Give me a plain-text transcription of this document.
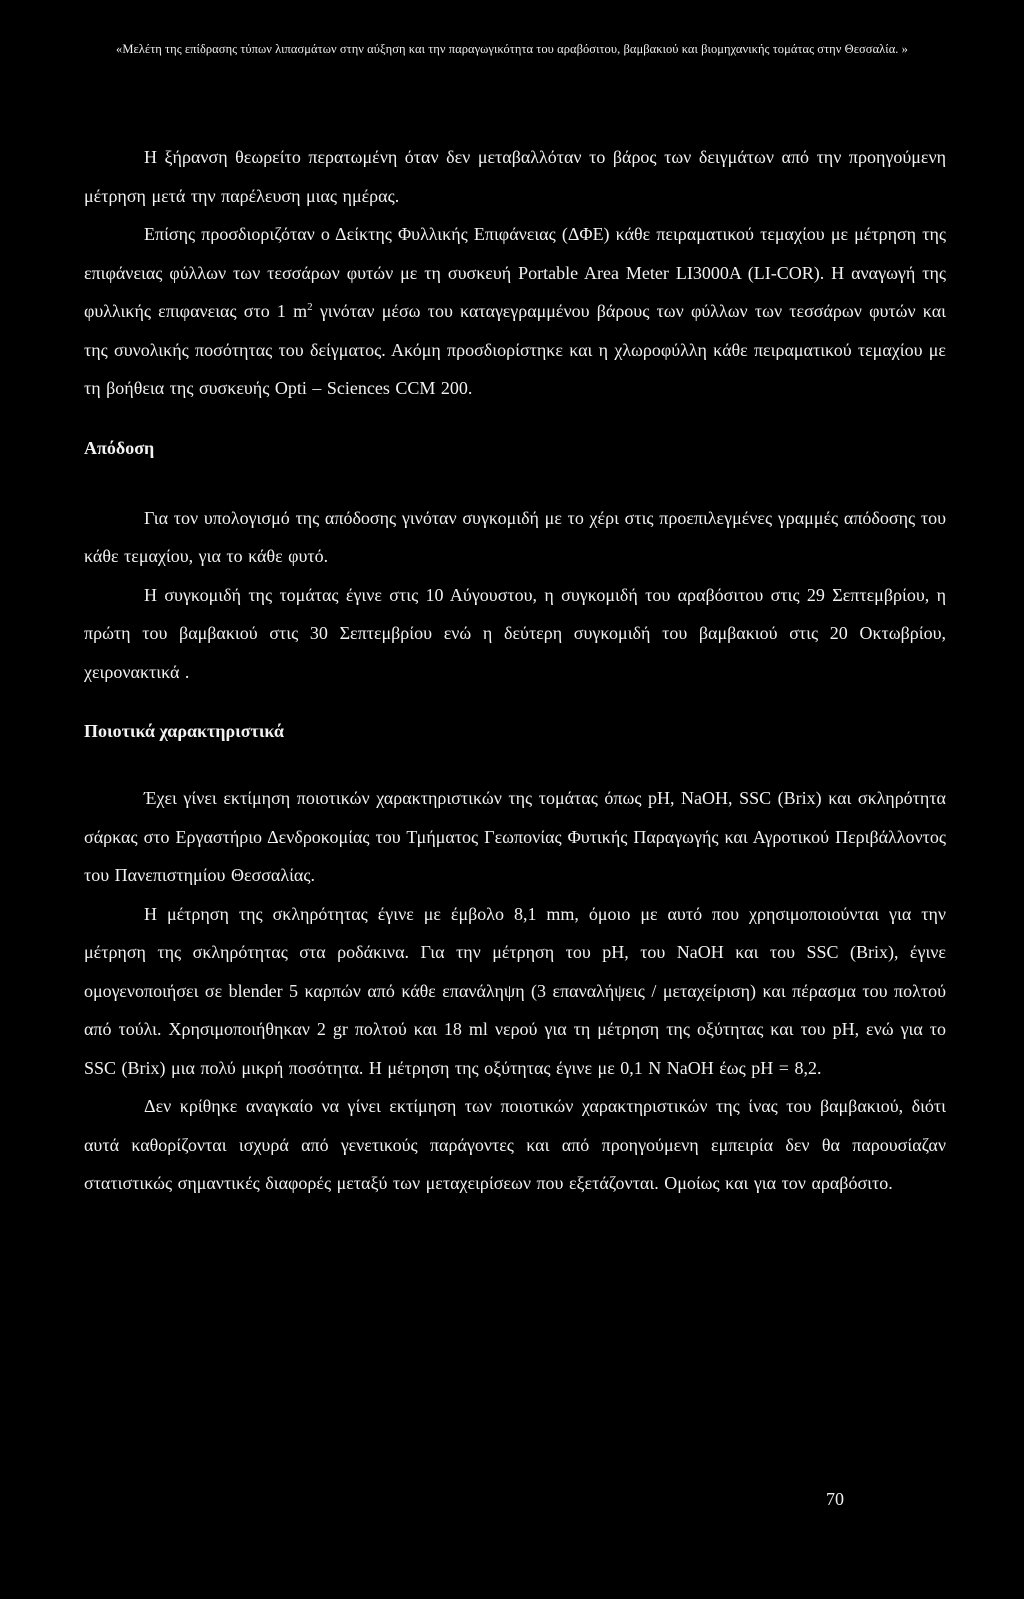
«Μελέτη της επίδρασης τύπων λιπασμάτων στην αύξηση και την παραγωγικότητα του αραβόσιτου, βαμβακιού και βιομηχανικής τομάτας στην Θεσσαλία. »

Η ξήρανση θεωρείτο περατωμένη όταν δεν μεταβαλλόταν το βάρος των δειγμάτων από την προηγούμενη μέτρηση μετά την παρέλευση μιας ημέρας.

Επίσης προσδιοριζόταν ο Δείκτης Φυλλικής Επιφάνειας (ΔΦΕ) κάθε πειραματικού τεμαχίου με μέτρηση της επιφάνειας φύλλων των τεσσάρων φυτών με τη συσκευή Portable Area Meter LI3000A (LI-COR). Η αναγωγή της φυλλικής επιφανειας στο 1 $m^2$ γινόταν μέσω του καταγεγραμμένου βάρους των φύλλων των τεσσάρων φυτών και της συνολικής ποσότητας του δείγματος. Ακόμη προσδιορίστηκε και η χλωροφύλλη κάθε πειραματικού τεμαχίου με τη βοήθεια της συσκευής Opti – Sciences CCM 200.

Απόδοση

Για τον υπολογισμό της απόδοσης γινόταν συγκομιδή με το χέρι στις προεπιλεγμένες γραμμές απόδοσης του κάθε τεμαχίου, για το κάθε φυτό.

Η συγκομιδή της τομάτας έγινε στις 10 Αύγουστου, η συγκομιδή του αραβόσιτου στις 29 Σεπτεμβρίου, η πρώτη του βαμβακιού στις 30 Σεπτεμβρίου ενώ η δεύτερη συγκομιδή του βαμβακιού στις 20 Οκτωβρίου, χειρονακτικά .

Ποιοτικά χαρακτηριστικά

Έχει γίνει εκτίμηση ποιοτικών χαρακτηριστικών της τομάτας όπως pH, NaOH, SSC (Brix) και σκληρότητα σάρκας στο Εργαστήριο Δενδροκομίας του Τμήματος Γεωπονίας Φυτικής Παραγωγής και Αγροτικού Περιβάλλοντος του Πανεπιστημίου Θεσσαλίας.

Η μέτρηση της σκληρότητας έγινε με έμβολο 8,1 mm, όμοιο με αυτό που χρησιμοποιούνται για την μέτρηση της σκληρότητας στα ροδάκινα. Για την μέτρηση του pH, του NaOH και του SSC (Brix), έγινε ομογενοποιήσει σε blender 5 καρπών από κάθε επανάληψη (3 επαναλήψεις / μεταχείριση) και πέρασμα του πολτού από τούλι. Χρησιμοποιήθηκαν 2 gr πολτού και 18 ml νερού για τη μέτρηση της οξύτητας και του pH, ενώ για το SSC (Brix) μια πολύ μικρή ποσότητα. Η μέτρηση της οξύτητας έγινε με 0,1 N NaOH έως pH = 8,2.

Δεν κρίθηκε αναγκαίο να γίνει εκτίμηση των ποιοτικών χαρακτηριστικών της ίνας του βαμβακιού, διότι αυτά καθορίζονται ισχυρά από γενετικούς παράγοντες και από προηγούμενη εμπειρία δεν θα παρουσίαζαν στατιστικώς σημαντικές διαφορές μεταξύ των μεταχειρίσεων που εξετάζονται. Ομοίως και για τον αραβόσιτο.

70
